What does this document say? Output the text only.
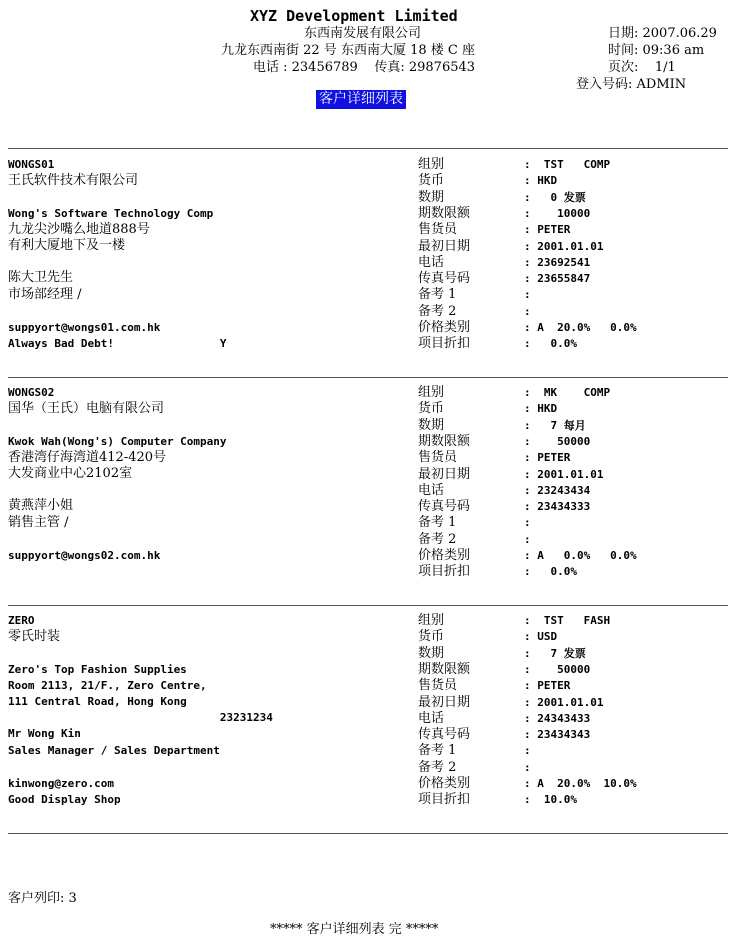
XYZ Development Limited
东西南发展有限公司
九龙东西南街 22 号 东西南大厦 18 楼 C 座
电话 : 23456789    传真: 29876543
日期: 2007.06.29
时间: 09:36 am
页次:    1/1
登入号码: ADMIN
客户详细列表
WONGS01
王氏软件技术有限公司
Wong's Software Technology Comp
九龙尖沙嘴么地道888号
有利大厦地下及一楼
陈大卫先生
市场部经理 /
suppyort@wongs01.com.hk
Always Bad Debt!                Y
组别	:  TST   COMP
货币	: HKD
数期	:   0 发票
期数限额	:    10000
售货员	: PETER
最初日期	: 2001.01.01
电话	: 23692541
传真号码	: 23655847
备考 1	:
备考 2	:
价格类别	: A  20.0%   0.0%
项目折扣	:   0.0%
WONGS02
国华（王氏）电脑有限公司
Kwok Wah(Wong's) Computer Company
香港湾仔海湾道412-420号
大发商业中心2102室
黄燕萍小姐
销售主管 /
suppyort@wongs02.com.hk
组别	:  MK    COMP
货币	: HKD
数期	:   7 每月
期数限额	:    50000
售货员	: PETER
最初日期	: 2001.01.01
电话	: 23243434
传真号码	: 23434333
备考 1	:
备考 2	:
价格类别	: A   0.0%   0.0%
项目折扣	:   0.0%
ZERO
零氏时装
Zero's Top Fashion Supplies
Room 2113, 21/F., Zero Centre,
111 Central Road, Hong Kong
23231234
Mr Wong Kin
Sales Manager / Sales Department
kinwong@zero.com
Good Display Shop
组别	:  TST   FASH
货币	: USD
数期	:   7 发票
期数限额	:    50000
售货员	: PETER
最初日期	: 2001.01.01
电话	: 24343433
传真号码	: 23434343
备考 1	:
备考 2	:
价格类别	: A  20.0%  10.0%
项目折扣	:  10.0%
客户列印: 3
***** 客户详细列表 完 *****
